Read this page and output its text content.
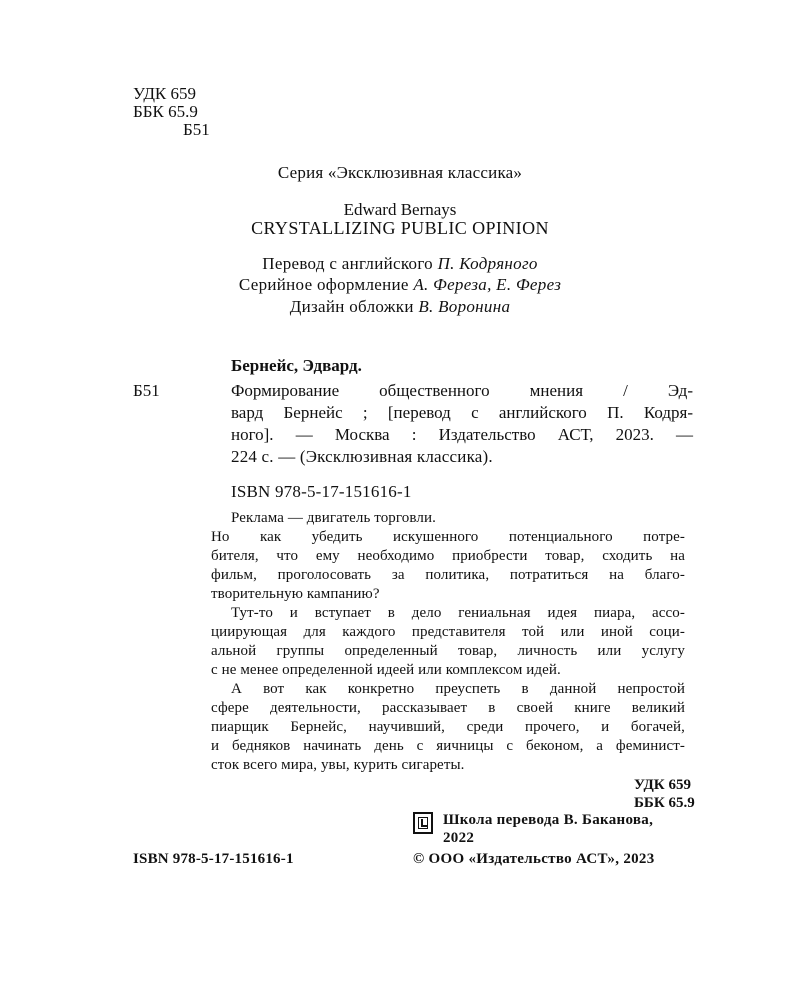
УДК 659
ББК 65.9
Б51
Серия «Эксклюзивная классика»
Edward Bernays
CRYSTALLIZING PUBLIC OPINION
Перевод с английского П. Кодряного
Серийное оформление А. Фереза, Е. Ферез
Дизайн обложки В. Воронина
Бернейс, Эдвард.
Б51	Формирование общественного мнения / Эд-
вард Бернейс ; [перевод с английского П. Кодря-
ного]. — Москва : Издательство АСТ, 2023. —
224 с. — (Эксклюзивная классика).
ISBN 978-5-17-151616-1
Реклама — двигатель торговли.
Но как убедить искушенного потенциального потре-
бителя, что ему необходимо приобрести товар, сходить на
фильм, проголосовать за политика, потратиться на благо-
творительную кампанию?
Тут-то и вступает в дело гениальная идея пиара, ассо-
циирующая для каждого представителя той или иной соци-
альной группы определенный товар, личность или услугу
с не менее определенной идеей или комплексом идей.
А вот как конкретно преуспеть в данной непростой
сфере деятельности, рассказывает в своей книге великий
пиарщик Бернейс, научивший, среди прочего, и богачей,
и бедняков начинать день с яичницы с беконом, а феминист-
сток всего мира, увы, курить сигареты.
УДК 659
ББК 65.9
Школа перевода В. Баканова,
2022
ISBN 978-5-17-151616-1	© ООО «Издательство АСТ», 2023
